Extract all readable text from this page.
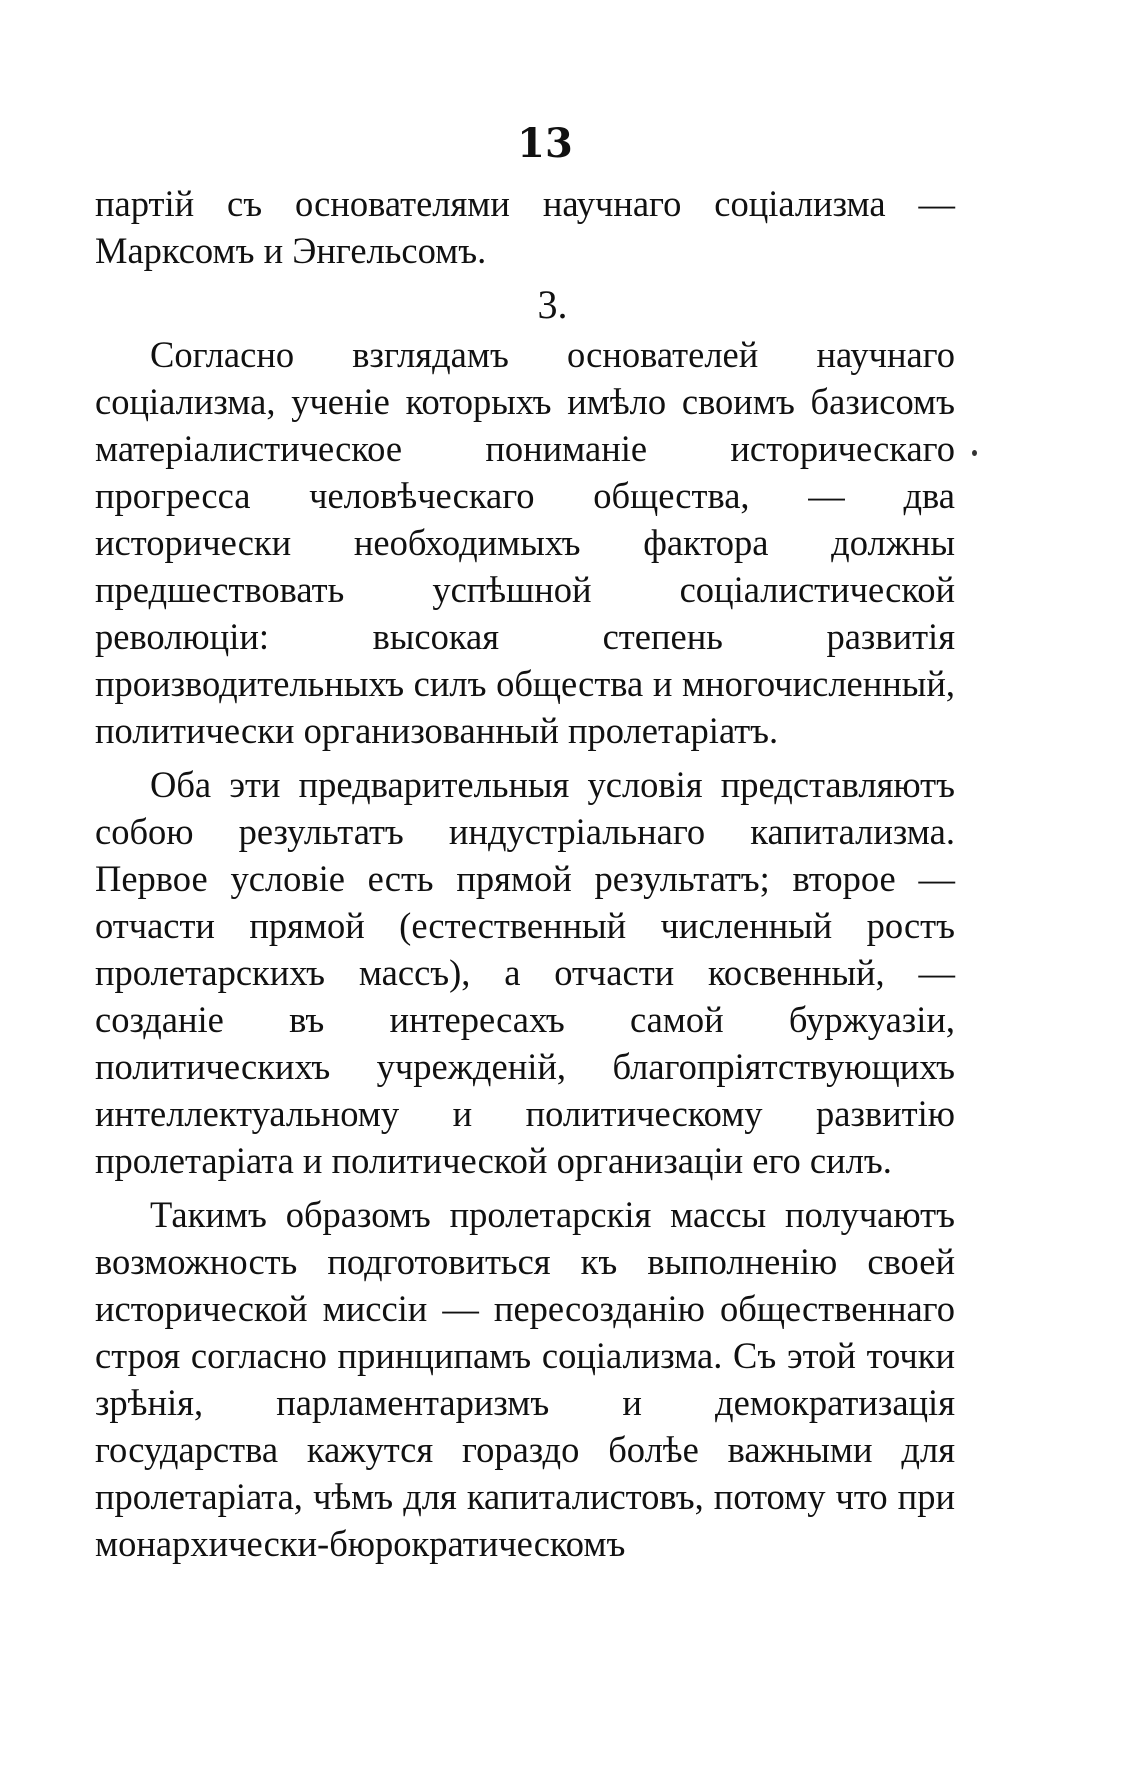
13

партій съ основателями научнаго соціализма — Марксомъ и Энгельсомъ.

3.

Согласно взглядамъ основателей научнаго соціализма, ученіе которыхъ имѣло своимъ базисомъ матеріалистическое пониманіе историческаго прогресса человѣческаго общества, — два исторически необходимыхъ фактора должны предшествовать успѣшной соціалистической революціи: высокая степень развитія производительныхъ силъ общества и многочисленный, политически организованный пролетаріатъ.

Оба эти предварительныя условія представляютъ собою результатъ индустріальнаго капитализма. Первое условіе есть прямой результатъ; второе — отчасти прямой (естественный численный ростъ пролетарскихъ массъ), а отчасти косвенный, — созданіе въ интересахъ самой буржуазіи, политическихъ учрежденій, благопріятствующихъ интеллектуальному и политическому развитію пролетаріата и политической организаціи его силъ.

Такимъ образомъ пролетарскія массы получаютъ возможность подготовиться къ выполненію своей исторической миссіи — пересозданію общественнаго строя согласно принципамъ соціализма. Съ этой точки зрѣнія, парламентаризмъ и демократизація государства кажутся гораздо болѣе важными для пролетаріата, чѣмъ для капиталистовъ, потому что при монархически-бюрократическомъ
